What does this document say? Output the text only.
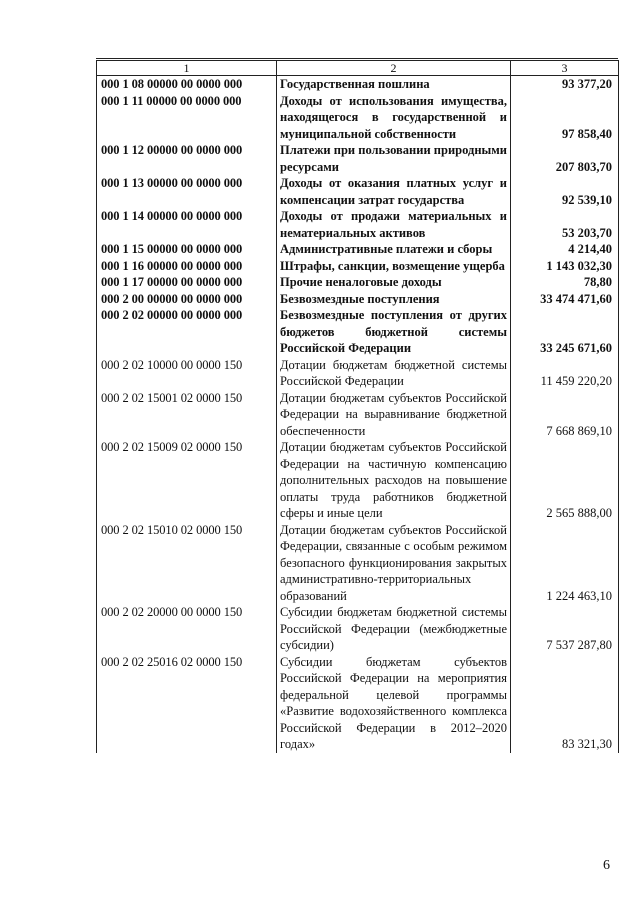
1	2	3
000 1 08 00000 00 0000 000	Государственная пошлина	93 377,20
000 1 11 00000 00 0000 000	Доходы от использования имущества, находящегося в государственной и муниципальной собственности	97 858,40
000 1 12 00000 00 0000 000	Платежи при пользовании природными ресурсами	207 803,70
000 1 13 00000 00 0000 000	Доходы от оказания платных услуг и компенсации затрат государства	92 539,10
000 1 14 00000 00 0000 000	Доходы от продажи материальных и нематериальных активов	53 203,70
000 1 15 00000 00 0000 000	Административные платежи и сборы	4 214,40
000 1 16 00000 00 0000 000	Штрафы, санкции, возмещение ущерба	1 143 032,30
000 1 17 00000 00 0000 000	Прочие неналоговые доходы	78,80
000 2 00 00000 00 0000 000	Безвозмездные поступления	33 474 471,60
000 2 02 00000 00 0000 000	Безвозмездные поступления от других бюджетов бюджетной системы Российской Федерации	33 245 671,60
000 2 02 10000 00 0000 150	Дотации бюджетам бюджетной системы Российской Федерации	11 459 220,20
000 2 02 15001 02 0000 150	Дотации бюджетам субъектов Российской Федерации на выравнивание бюджетной обеспеченности	7 668 869,10
000 2 02 15009 02 0000 150	Дотации бюджетам субъектов Российской Федерации на частичную компенсацию дополнительных расходов на повышение оплаты труда работников бюджетной сферы и иные цели	2 565 888,00
000 2 02 15010 02 0000 150	Дотации бюджетам субъектов Российской Федерации, связанные с особым режимом безопасного функционирования закрытых административно-территориальных образований	1 224 463,10
000 2 02 20000 00 0000 150	Субсидии бюджетам бюджетной системы Российской Федерации (межбюджетные субсидии)	7 537 287,80
000 2 02 25016 02 0000 150	Субсидии бюджетам субъектов Российской Федерации на мероприятия федеральной целевой программы «Развитие водохозяйственного комплекса Российской Федерации в 2012–2020 годах»	83 321,30
6
